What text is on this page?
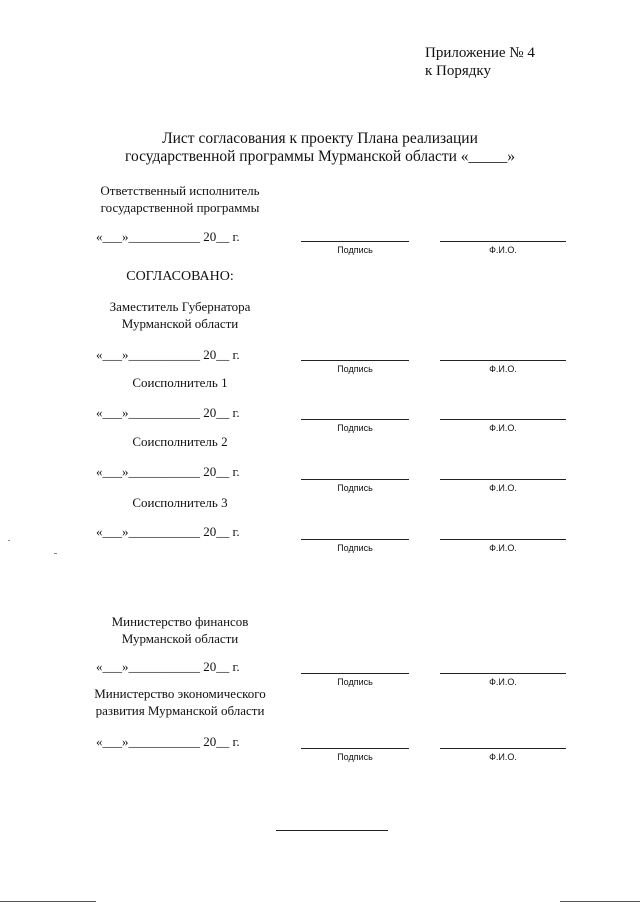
Приложение № 4
к Порядку
Лист согласования к проекту Плана реализации
государственной программы Мурманской области «_____»
Ответственный исполнитель
государственной программы
«___»___________ 20__ г.
Подпись	Ф.И.О.
СОГЛАСОВАНО:
Заместитель Губернатора
Мурманской области
«___»___________ 20__ г.
Подпись	Ф.И.О.
Соисполнитель 1
«___»___________ 20__ г.
Подпись	Ф.И.О.
Соисполнитель 2
«___»___________ 20__ г.
Подпись	Ф.И.О.
Соисполнитель 3
«___»___________ 20__ г.
Подпись	Ф.И.О.
Министерство финансов
Мурманской области
«___»___________ 20__ г.
Подпись	Ф.И.О.
Министерство экономического
развития Мурманской области
«___»___________ 20__ г.
Подпись	Ф.И.О.
